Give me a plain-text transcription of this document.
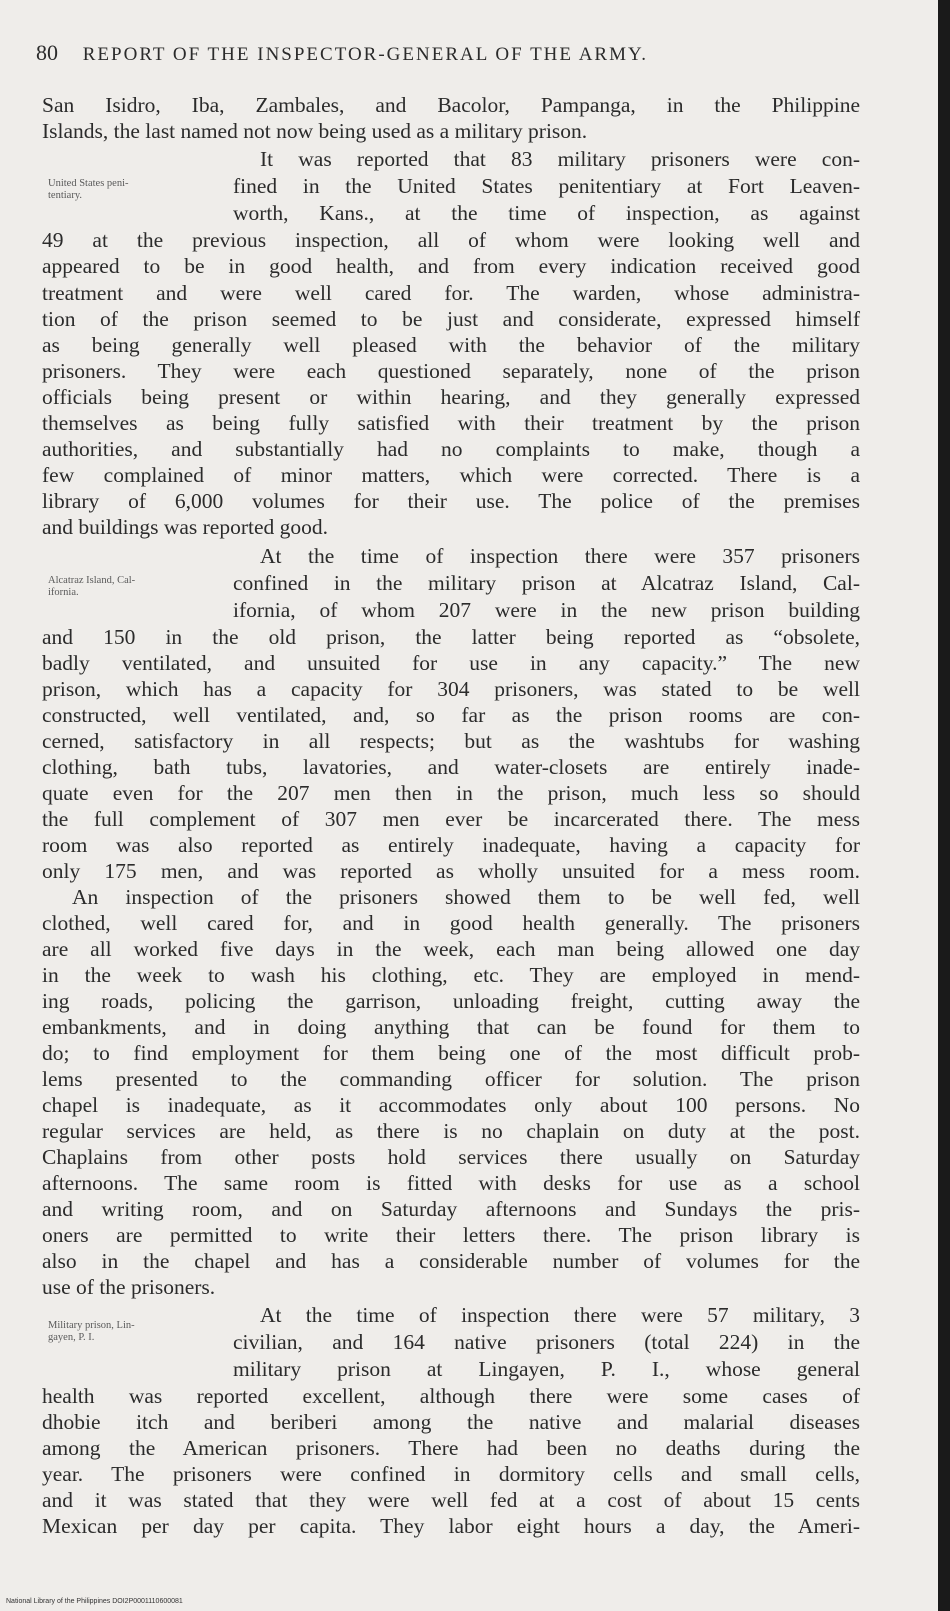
80 REPORT OF THE INSPECTOR-GENERAL OF THE ARMY.
San Isidro, Iba, Zambales, and Bacolor, Pampanga, in the Philippine
Islands, the last named not now being used as a military prison.
It was reported that 83 military prisoners were con-
fined in the United States penitentiary at Fort Leaven-
worth, Kans., at the time of inspection, as against
49 at the previous inspection, all of whom were looking well and
appeared to be in good health, and from every indication received good
treatment and were well cared for. The warden, whose administra-
tion of the prison seemed to be just and considerate, expressed himself
as being generally well pleased with the behavior of the military
prisoners. They were each questioned separately, none of the prison
officials being present or within hearing, and they generally expressed
themselves as being fully satisfied with their treatment by the prison
authorities, and substantially had no complaints to make, though a
few complained of minor matters, which were corrected. There is a
library of 6,000 volumes for their use. The police of the premises
and buildings was reported good.
At the time of inspection there were 357 prisoners
confined in the military prison at Alcatraz Island, Cal-
ifornia, of whom 207 were in the new prison building
and 150 in the old prison, the latter being reported as “obsolete,
badly ventilated, and unsuited for use in any capacity.” The new
prison, which has a capacity for 304 prisoners, was stated to be well
constructed, well ventilated, and, so far as the prison rooms are con-
cerned, satisfactory in all respects; but as the washtubs for washing
clothing, bath tubs, lavatories, and water-closets are entirely inade-
quate even for the 207 men then in the prison, much less so should
the full complement of 307 men ever be incarcerated there. The mess
room was also reported as entirely inadequate, having a capacity for
only 175 men, and was reported as wholly unsuited for a mess room.
An inspection of the prisoners showed them to be well fed, well
clothed, well cared for, and in good health generally. The prisoners
are all worked five days in the week, each man being allowed one day
in the week to wash his clothing, etc. They are employed in mend-
ing roads, policing the garrison, unloading freight, cutting away the
embankments, and in doing anything that can be found for them to
do; to find employment for them being one of the most difficult prob-
lems presented to the commanding officer for solution. The prison
chapel is inadequate, as it accommodates only about 100 persons. No
regular services are held, as there is no chaplain on duty at the post.
Chaplains from other posts hold services there usually on Saturday
afternoons. The same room is fitted with desks for use as a school
and writing room, and on Saturday afternoons and Sundays the pris-
oners are permitted to write their letters there. The prison library is
also in the chapel and has a considerable number of volumes for the
use of the prisoners.
At the time of inspection there were 57 military, 3
civilian, and 164 native prisoners (total 224) in the
military prison at Lingayen, P. I., whose general
health was reported excellent, although there were some cases of
dhobie itch and beriberi among the native and malarial diseases
among the American prisoners. There had been no deaths during the
year. The prisoners were confined in dormitory cells and small cells,
and it was stated that they were well fed at a cost of about 15 cents
Mexican per day per capita. They labor eight hours a day, the Ameri-
United States peni-
tentiary.
Alcatraz Island, Cal-
ifornia.
Military prison, Lin-
gayen, P. I.
National Library of the Philippines DOI2P0001110600081
